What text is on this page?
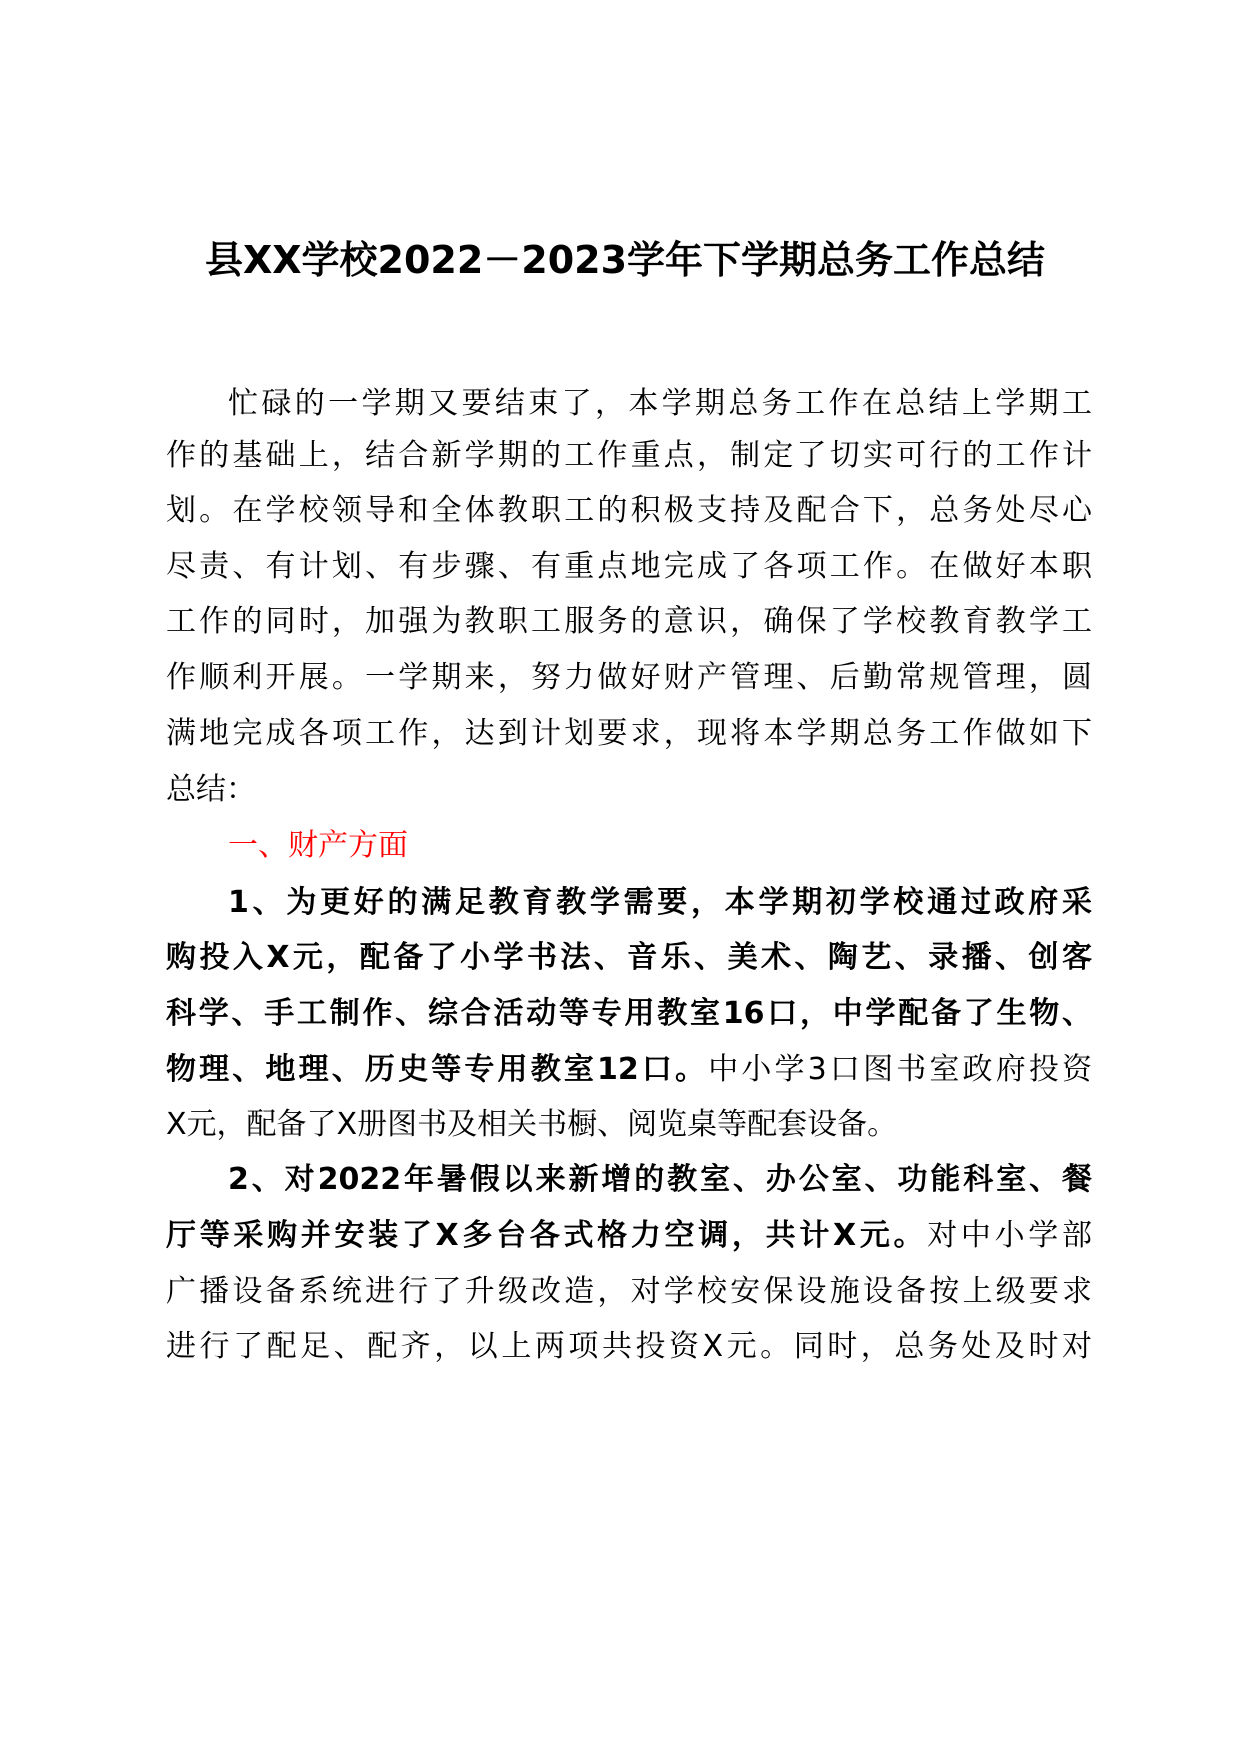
县XX学校2022－2023学年下学期总务工作总结
忙碌的一学期又要结束了，本学期总务工作在总结上学期工
作的基础上，结合新学期的工作重点，制定了切实可行的工作计
划。在学校领导和全体教职工的积极支持及配合下，总务处尽心
尽责、有计划、有步骤、有重点地完成了各项工作。在做好本职
工作的同时，加强为教职工服务的意识，确保了学校教育教学工
作顺利开展。一学期来，努力做好财产管理、后勤常规管理，圆
满地完成各项工作，达到计划要求，现将本学期总务工作做如下
总结：
一、财产方面
1、为更好的满足教育教学需要，本学期初学校通过政府采
购投入X元，配备了小学书法、音乐、美术、陶艺、录播、创客
科学、手工制作、综合活动等专用教室16口，中学配备了生物、
物理、地理、历史等专用教室12口。中小学3口图书室政府投资
X元，配备了X册图书及相关书橱、阅览桌等配套设备。
2、对2022年暑假以来新增的教室、办公室、功能科室、餐
厅等采购并安装了X多台各式格力空调，共计X元。对中小学部
广播设备系统进行了升级改造，对学校安保设施设备按上级要求
进行了配足、配齐，以上两项共投资X元。同时，总务处及时对
